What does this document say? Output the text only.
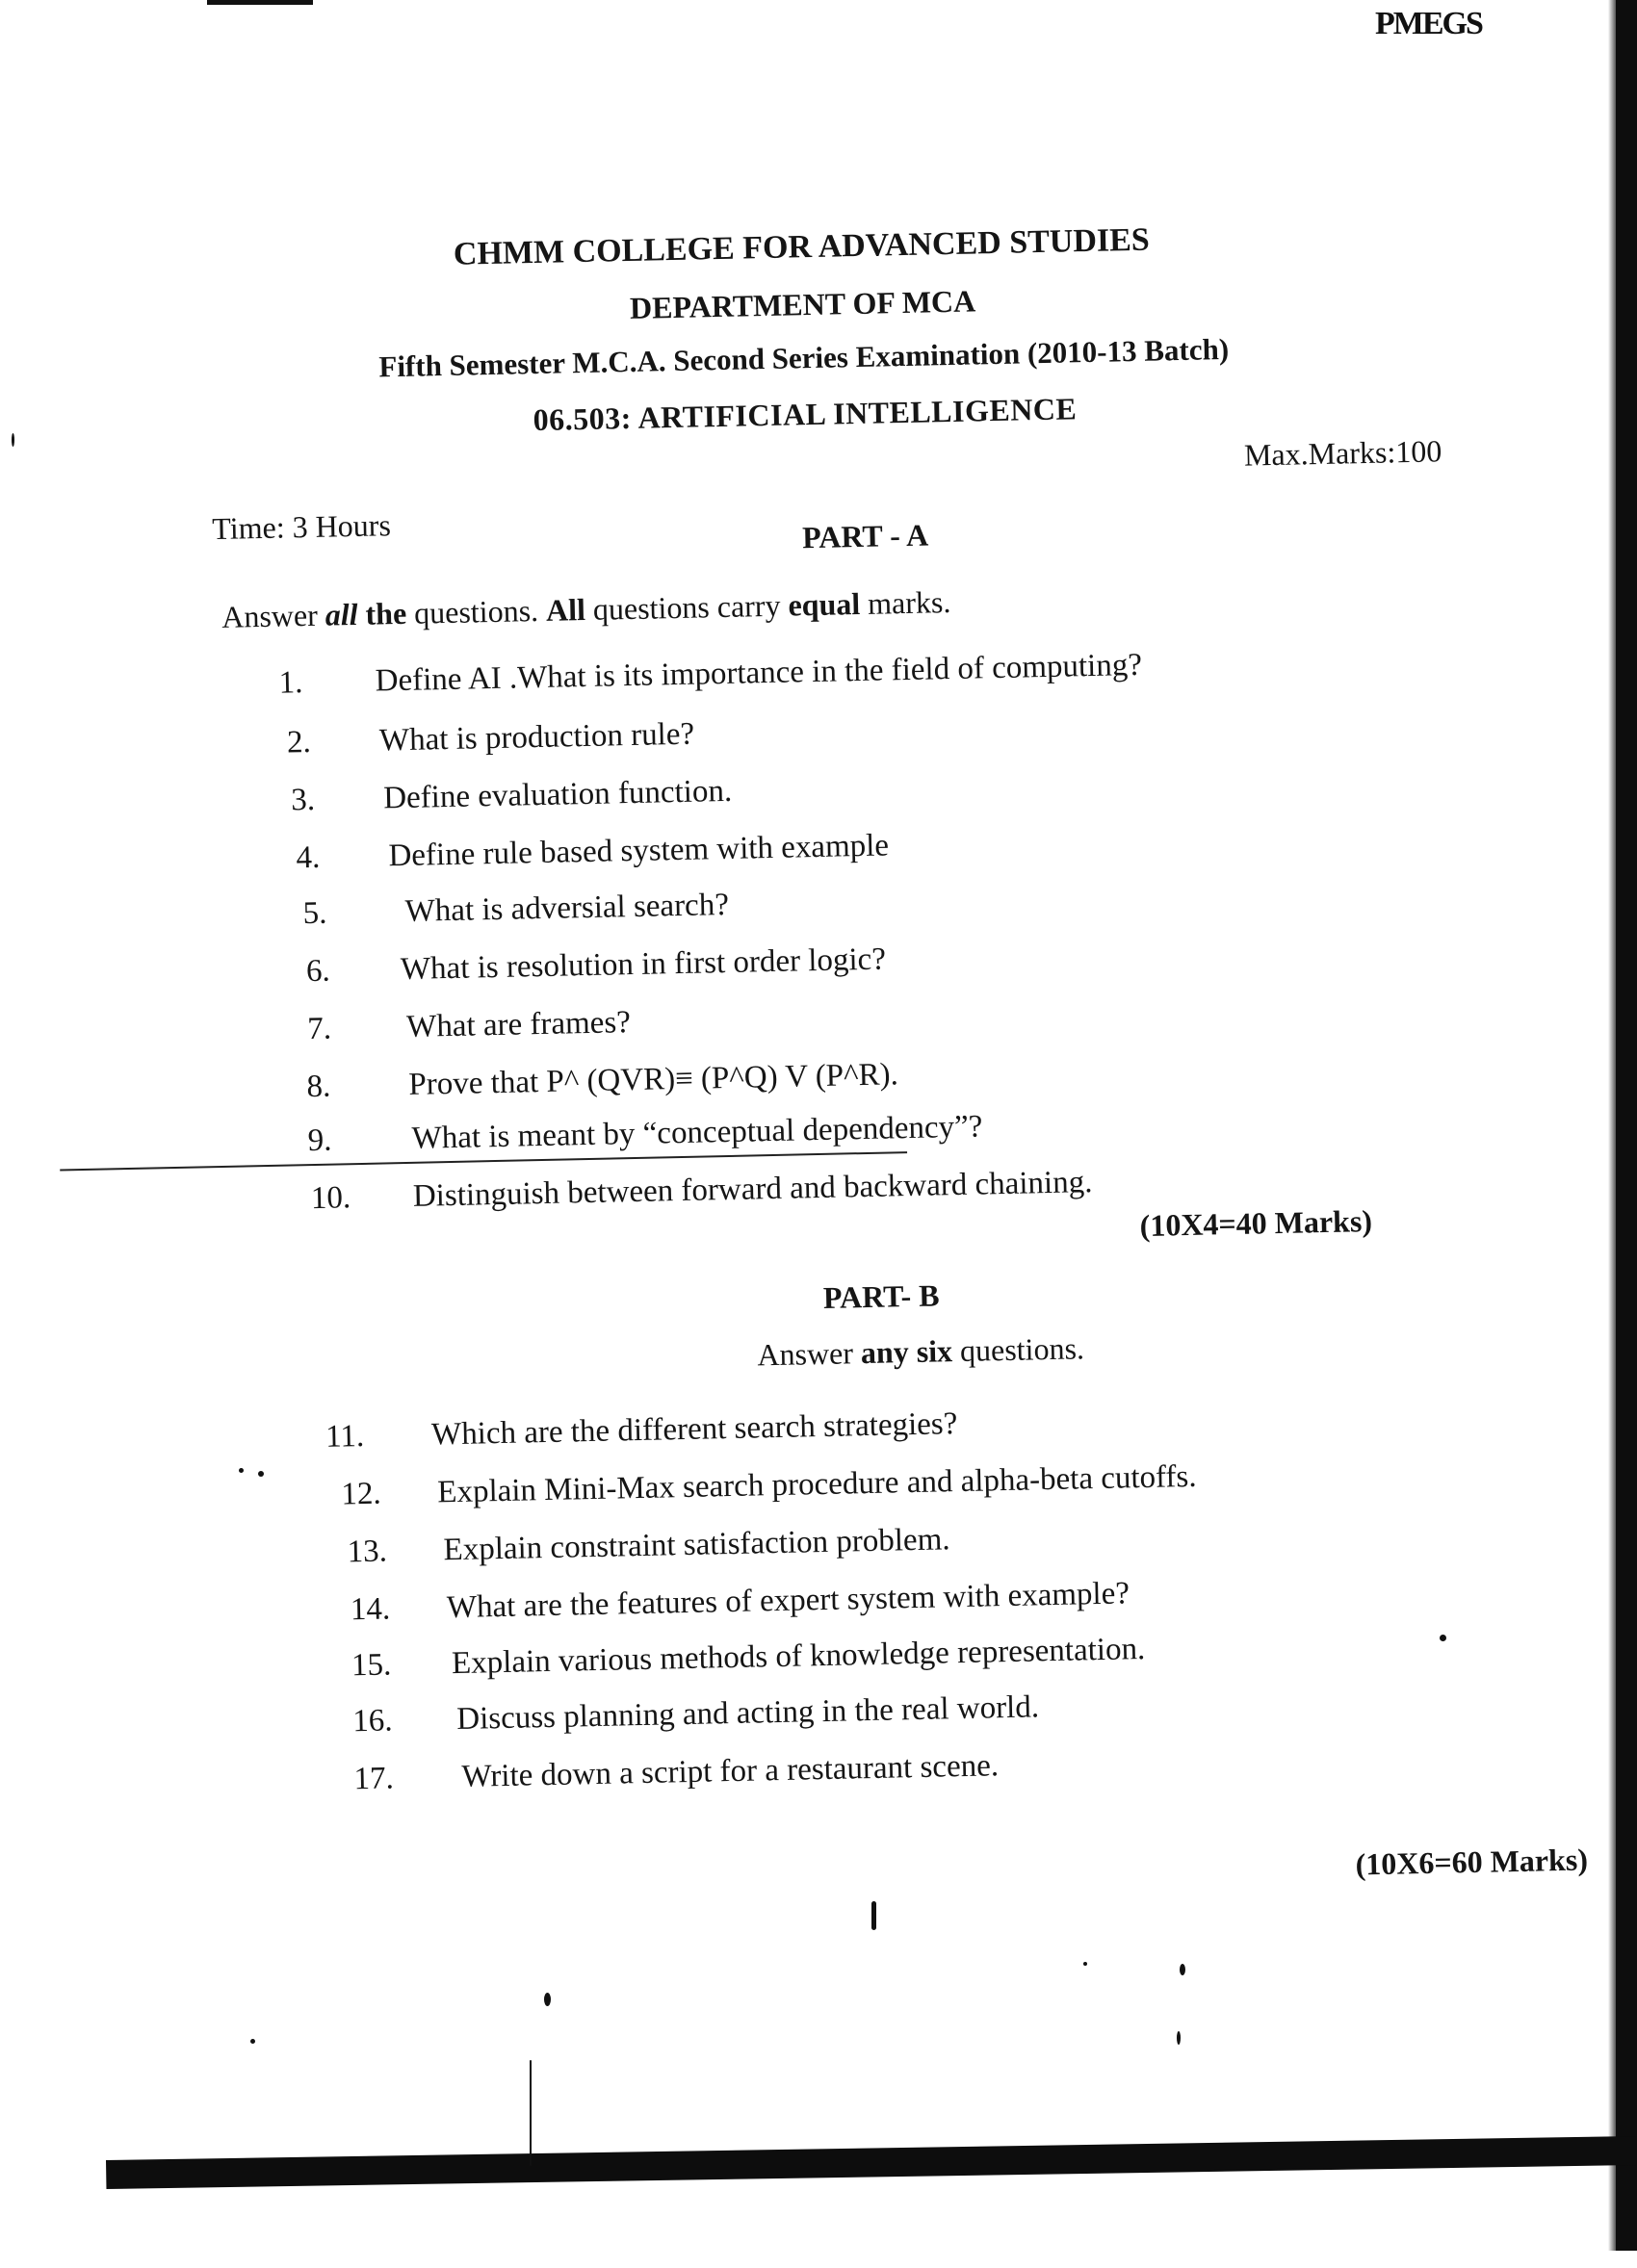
PMEGS
CHMM COLLEGE FOR ADVANCED STUDIES
DEPARTMENT OF MCA
Fifth Semester M.C.A. Second Series Examination (2010-13 Batch)
06.503: ARTIFICIAL INTELLIGENCE
Max.Marks:100
Time: 3 Hours	PART - A
Answer all the questions. All questions carry equal marks.
1. Define AI .What is its importance in the field of computing?
2. What is production rule?
3. Define evaluation function.
4. Define rule based system with example
5. What is adversial search?
6. What is resolution in first order logic?
7. What are frames?
8. Prove that P^ (QVR)≡ (P^Q) V (P^R).
9. What is meant by “conceptual dependency”?
10. Distinguish between forward and backward chaining.
(10X4=40 Marks)
PART- B
Answer any six questions.
11. Which are the different search strategies?
12. Explain Mini-Max search procedure and alpha-beta cutoffs.
13. Explain constraint satisfaction problem.
14. What are the features of expert system with example?
15. Explain various methods of knowledge representation.
16. Discuss planning and acting in the real world.
17. Write down a script for a restaurant scene.
(10X6=60 Marks)
